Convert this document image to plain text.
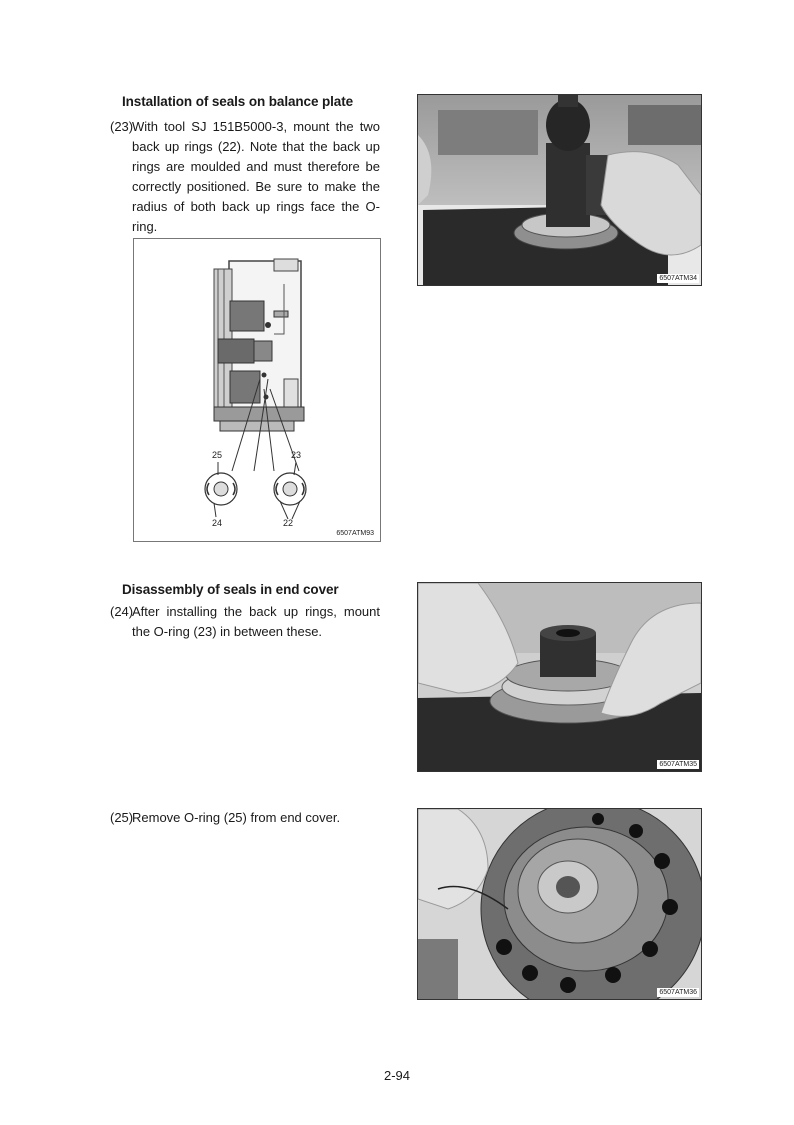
Installation of seals on balance plate
(23)
With tool SJ 151B5000-3, mount the two back up rings (22). Note that the back up rings are moulded and must therefore be correctly positioned. Be sure to make the radius of both back up rings face the O-ring.
25	23
24	22
6507ATM93
6507ATM34
Disassembly of seals in end cover
(24)
After installing the back up rings, mount the O-ring (23) in between these.
6507ATM35
(25)
Remove O-ring (25) from end cover.
6507ATM36
2-94
